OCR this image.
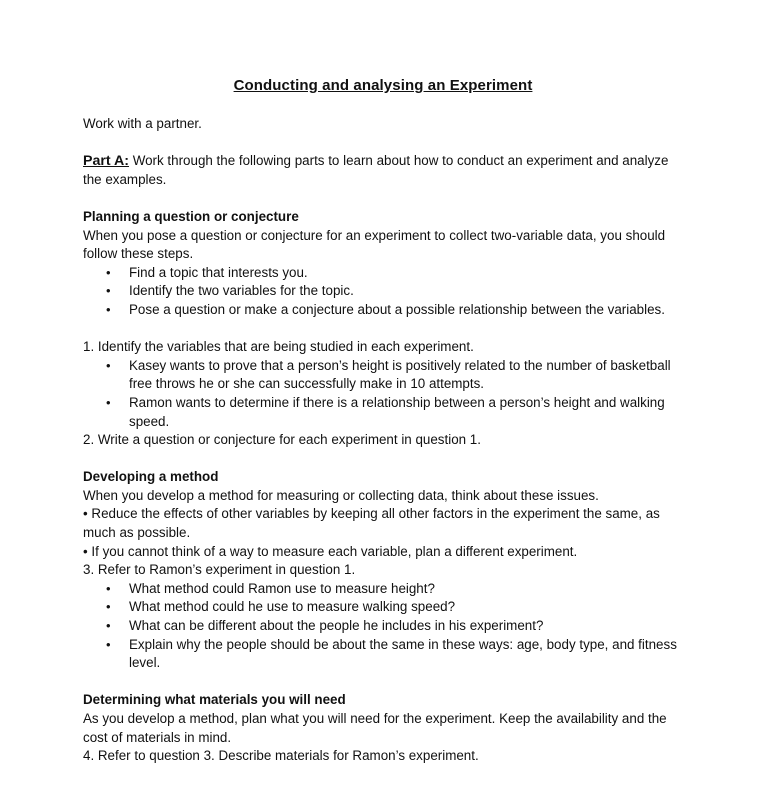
Conducting and analysing an Experiment

Work with a partner.

Part A: Work through the following parts to learn about how to conduct an experiment and analyze the examples.

Planning a question or conjecture

When you pose a question or conjecture for an experiment to collect two-variable data, you should follow these steps.

• Find a topic that interests you.
• Identify the two variables for the topic.
• Pose a question or make a conjecture about a possible relationship between the variables.

1. Identify the variables that are being studied in each experiment.

• Kasey wants to prove that a person’s height is positively related to the number of basketball free throws he or she can successfully make in 10 attempts.
• Ramon wants to determine if there is a relationship between a person’s height and walking speed.

2. Write a question or conjecture for each experiment in question 1.

Developing a method

When you develop a method for measuring or collecting data, think about these issues.

• Reduce the effects of other variables by keeping all other factors in the experiment the same, as much as possible.

• If you cannot think of a way to measure each variable, plan a different experiment.

3. Refer to Ramon’s experiment in question 1.

• What method could Ramon use to measure height?
• What method could he use to measure walking speed?
• What can be different about the people he includes in his experiment?
• Explain why the people should be about the same in these ways: age, body type, and fitness level.

Determining what materials you will need

As you develop a method, plan what you will need for the experiment. Keep the availability and the cost of materials in mind.

4. Refer to question 3. Describe materials for Ramon’s experiment.
